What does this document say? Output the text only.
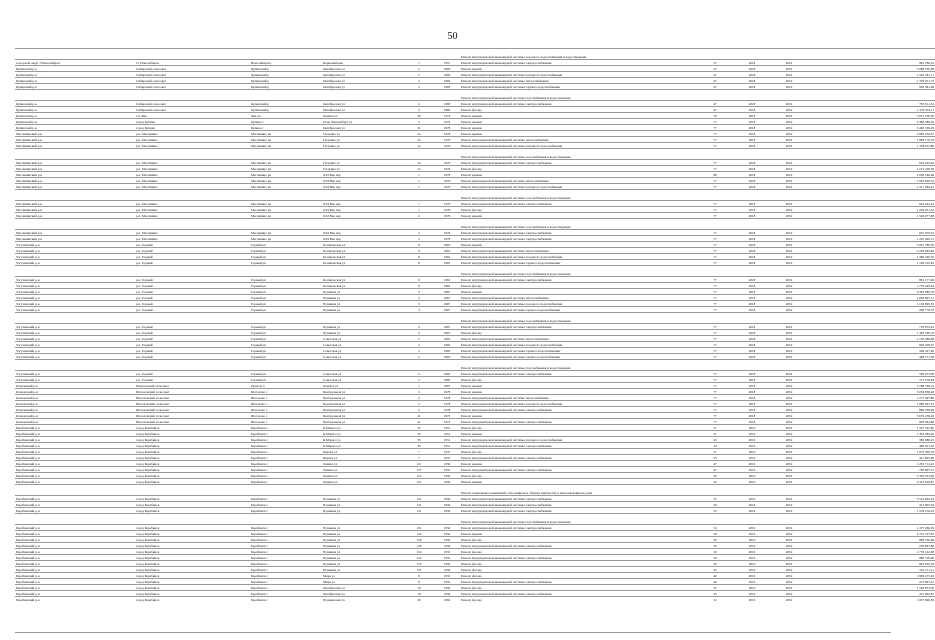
50
						Ремонт внутридомовой инженерной системы холодного водоснабжения и водоотведения					
городской округ г.Новосибирск	г.г. Новосибирск	Новосибирск г	Первомайская	7	1957	Ремонт внутридомовой инженерной системы электроснабжения		57	2018	2019	981 786,52
Купинский р-н	Сибирский сельсовет	Купинский р	Октябрьская ул	2	1983	Ремонт крыши		47	2018	2019	3 288 230,68
Купинский р-н	Сибирский сельсовет	Купинский р	Октябрьская ул	2	1983	Ремонт внутридомовой инженерной системы холодного водоснабжения		47	2018	2019	1 562 581,71
Купинский р-н	Сибирский сельсовет	Купинский р	Октябрьская ул	2	1983	Ремонт внутридомовой инженерной системы теплоснабжения		47	2018	2019	1 379 071,73
Купинский р-н	Сибирский сельсовет	Купинский р	Октябрьская ул	2	1983	Ремонт внутридомовой инженерной системы горячего водоснабжения		47	2018	2019	962 381,48
						Ремонт внутридомовой инженерной системы газоснабжения и водоотведения					
Купинский р-н	Сибирский сельсовет	Купинский р	Октябрьская ул	2	1983	Ремонт внутридомовой инженерной системы электроснабжения		47	2018	2019	785 611,52
Купинский р-н	Сибирский сельсовет	Купинский р	Октябрьская ул	2	1983	Ремонт фасада		47	2018	2019	1 370 433,11
Купинский р-н	г.п. Чик	Чик рп	Ленина ул	36	1974	Ремонт крыши		76	2018	2019	3 051 238,30
Купинский р-н	город Купино	Купино г	Розы Люксембург ул	3	1974	Ремонт крыши		77	2018	2019	3 486 589,56
Купинский р-н	город Купино	Купино г	Октябрьская ул	31	1978	Ремонт крыши		77	2018	2019	3 406 339,29
Маслянинский р-н	р.п. Маслянино	Маслянино рп	Гагарина ул	2а	1979	Ремонт крыши		77	2018	2019	2 682 230,47
Маслянинский р-н	р.п. Маслянино	Маслянино рп	Гагарина ул	2а	1979	Ремонт внутридомовой инженерной системы теплоснабжения		77	2018	2019	1 989 176,79
Маслянинский р-н	р.п. Маслянино	Маслянино рп	Гагарина ул	2а	1979	Ремонт внутридомовой инженерной системы холодного водоснабжения		77	2018	2019	1 338 053,80
						Ремонт внутридомовой инженерной системы газоснабжения и водоотведения					
Маслянинский р-н	р.п. Маслянино	Маслянино рп	Гагарина ул	2а	1979	Ремонт внутридомовой инженерной системы электроснабжения		77	2018	2019	624 203,02
Маслянинский р-н	р.п. Маслянино	Маслянино рп	Гагарина ул	2а	1979	Ремонт фасада		77	2018	2019	1 213 438,39
Маслянинский р-н	р.п. Маслянино	Маслянино рп	XXI Век пер	1	1979	Ремонт крыши		88	2018	2019	2 958 186,48
Маслянинский р-н	р.п. Маслянино	Маслянино рп	XXI Век пер	1	1979	Ремонт внутридомовой инженерной системы теплоснабжения		77	2018	2019	1 962 626,34
Маслянинский р-н	р.п. Маслянино	Маслянино рп	XXI Век пер	1	1979	Ремонт внутридомовой инженерной системы холодного водоснабжения		77	2018	2019	1 317 484,43
						Ремонт внутридомовой инженерной системы газоснабжения и водоотведения					
Маслянинский р-н	р.п. Маслянино	Маслянино рп	XXI Век пер	1	1979	Ремонт внутридомовой инженерной системы электроснабжения		77	2018	2019	624 444,19
Маслянинский р-н	р.п. Маслянино	Маслянино рп	XXI Век пер	1	1979	Ремонт фасада		77	2018	2019	1 204 931,32
Маслянинский р-н	р.п. Маслянино	Маслянино рп	XXI Век пер	2	1979	Ремонт крыши		77	2018	2019	1 526 077,08
						Ремонт внутридомовой инженерной системы газоснабжения и водоотведения					
Маслянинский р-н	р.п. Маслянино	Маслянино рп	XXI Век пер	2	1979	Ремонт внутридомовой инженерной системы электроснабжения		77	2018	2019	625 079,43
Маслянинский р-н	р.п. Маслянино	Маслянино рп	XXI Век пер	2	1979	Ремонт внутридомовой инженерной системы электроснабжения		77	2018	2019	1 205 469,72
Тогучинский р-н	р.п. Горный	Горный рп	Космическая ул	8	1981	Ремонт крыши		77	2018	2019	3 261 786,30
Тогучинский р-н	р.п. Горный	Горный рп	Космическая ул	8	1981	Ремонт внутридомовой инженерной системы теплоснабжения		77	2018	2019	2 259 665,82
Тогучинский р-н	р.п. Горный	Горный рп	Космическая ул	8	1981	Ремонт внутридомовой инженерной системы холодного водоснабжения		77	2018	2019	1 490 346,70
Тогучинский р-н	р.п. Горный	Горный рп	Космическая ул	8	1981	Ремонт внутридомовой инженерной системы горячего водоснабжения		77	2018	2019	1 169 102,83
						Ремонт внутридомовой инженерной системы газоснабжения и водоотведения					
Тогучинский р-н	р.п. Горный	Горный рп	Космическая ул	8	1981	Ремонт внутридомовой инженерной системы электроснабжения		77	2018	2019	881 177,66
Тогучинский р-н	р.п. Горный	Горный рп	Космическая ул	8	1981	Ремонт фасада		77	2018	2019	1 770 449,94
Тогучинский р-н	р.п. Горный	Горный рп	Пушкина ул	3	1967	Ремонт крыши		77	2018	2019	4 381 080,76
Тогучинский р-н	р.п. Горный	Горный рп	Пушкина ул	3	1967	Ремонт внутридомовой инженерной системы теплоснабжения		77	2018	2019	1 838 897,51
Тогучинский р-н	р.п. Горный	Горный рп	Пушкина ул	3	1967	Ремонт внутридомовой инженерной системы холодного водоснабжения		77	2018	2019	1 150 999,55
Тогучинский р-н	р.п. Горный	Горный рп	Пушкина ул	3	1967	Ремонт внутридомовой инженерной системы горячего водоснабжения		77	2018	2019	906 776,79
						Ремонт внутридомовой инженерной системы газоснабжения и водоотведения					
Тогучинский р-н	р.п. Горный	Горный рп	Пушкина ул	3	1967	Ремонт внутридомовой инженерной системы электроснабжения		77	2018	2019	718 872,81
Тогучинский р-н	р.п. Горный	Горный рп	Пушкина ул	3	1967	Ремонт фасада		77	2018	2019	1 463 339,79
Тогучинский р-н	р.п. Горный	Горный рп	Советская ул	2	1965	Ремонт внутридомовой инженерной системы теплоснабжения		77	2018	2019	1 150 288,68
Тогучинский р-н	р.п. Горный	Горный рп	Советская ул	2	1965	Ремонт внутридомовой инженерной системы холодного водоснабжения		77	2018	2019	939 228,07
Тогучинский р-н	р.п. Горный	Горный рп	Советская ул	2	1965	Ремонт внутридомовой инженерной системы горячего водоснабжения		77	2018	2019	569 327,90
Тогучинский р-н	р.п. Горный	Горный рп	Советская ул	2	1965	Ремонт внутридомовой инженерной системы горячего водоснабжения		77	2018	2019	468 271,58
						Ремонт внутридомовой инженерной системы газоснабжения и водоотведения					
Тогучинский р-н	р.п. Горный	Горный рп	Советская ул	2	1965	Ремонт внутридомовой инженерной системы электроснабжения		77	2018	2019	599 073,99
Тогучинский р-н	р.п. Горный	Горный рп	Советская ул	2	1965	Ремонт фасада		77	2018	2019	721 478,84
Кочковский р-н	Решетовский сельсовет	Решеты п	Кочки п ул	1	1967	Ремонт крыши		77	2018	2019	3 788 769,74
Кочковский р-н	Шагаловский сельсовет	Шагалово с	Центральная ул	3	1978	Ремонт крыши		77	2018	2019	3 036 858,26
Кочковский р-н	Шагаловский сельсовет	Шагалово с	Центральная ул	2	1978	Ремонт внутридомовой инженерной системы теплоснабжения		77	2018	2019	1 271 497,86
Кочковский р-н	Шагаловский сельсовет	Шагалово с	Центральная ул	2	1978	Ремонт внутридомовой инженерной системы холодного водоснабжения		77	2018	2019	1 080 943,53
Кочковский р-н	Шагаловский сельсовет	Шагалово с	Центральная ул	2	1978	Ремонт внутридомовой инженерной системы электроснабжения		77	2018	2019	889 799,09
Кочковский р-н	Шагаловский сельсовет	Шагалово с	Центральная ул	21	1972	Ремонт крыши		77	2018	2019	3 676 258,26
Кочковский р-н	Шагаловский сельсовет	Шагалово с	Центральная ул	21	1972	Ремонт внутридомовой инженерной системы электроснабжения		77	2018	2019	903 364,86
Барабинский р-н	город Барабинск	Барабинск г	К.Маркса ул	35	1951	Ремонт фасада		51	2019	2019	1 597 542,80
Барабинский р-н	город Барабинск	Барабинск г	К.Маркса ул	35	1951	Ремонт крыши		51	2019	2019	1 303 383,40
Барабинский р-н	город Барабинск	Барабинск г	К.Маркса ул	35	1951	Ремонт внутридомовой инженерной системы холодного водоснабжения		45	2019	2019	380 686,25
Барабинский р-н	город Барабинск	Барабинск г	К.Маркса ул	35	1951	Ремонт внутридомовой инженерной системы электроснабжения		43	2019	2019	486 201,50
Барабинский р-н	город Барабинск	Барабинск г	Кирова ул	7	1937	Ремонт фасада		51	2019	2019	1 072 306,79
Барабинский р-н	город Барабинск	Барабинск г	Кирова ул	7	1937	Ремонт внутридомовой инженерной системы электроснабжения		53	2019	2019	421 805,90
Барабинский р-н	город Барабинск	Барабинск г	Ленина ул	121	1950	Ремонт крыши		47	2019	2019	1 281 712,45
Барабинский р-н	город Барабинск	Барабинск г	Ленина ул	137	1955	Ремонт внутридомовой инженерной системы электроснабжения		47	2019	2019	783 807,51
Барабинский р-н	город Барабинск	Барабинск г	Ленина ул	121	1950	Ремонт фасада		50	2019	2019	2 330 433,66
Барабинский р-н	город Барабинск	Барабинск г	Ленина ул	121	1950	Ремонт крыши		50	2019	2019	2 352 816,87
						Ремонт подвальных помещений, относящихся к общему имуществу в многоквартирном доме					
Барабинский р-н	город Барабинск	Барабинск г	Пушкина ул	131	1950	Ремонт внутридомовой инженерной системы электроснабжения		55	2019	2019	3 519 604,54
Барабинский р-н	город Барабинск	Барабинск г	Пушкина ул	131	1950	Ремонт внутридомовой инженерной системы электроснабжения		50	2019	2019	413 605,04
Барабинский р-н	город Барабинск	Барабинск г	Пушкина ул	131	1950	Ремонт внутридомовой инженерной системы электроснабжения		55	2019	2019	1 578 156,03
						Ремонт внутридомовой инженерной системы газоснабжения и водоотведения					
Барабинский р-н	город Барабинск	Барабинск г	Пушкина ул	131	1950	Ремонт внутридомовой инженерной системы электроснабжения		54	2019	2019	1 475 266,39
Барабинский р-н	город Барабинск	Барабинск г	Пушкина ул	132	1950	Ремонт крыши		50	2019	2019	2 701 707,81
Барабинский р-н	город Барабинск	Барабинск г	Пушкина ул	136	1956	Ремонт фасада		50	2019	2019	898 536,69
Барабинский р-н	город Барабинск	Барабинск г	Пушкина ул	139	1956	Ремонт внутридомовой инженерной системы электроснабжения		45	2019	2019	230 867,86
Барабинский р-н	город Барабинск	Барабинск г	Пушкина ул	152	1955	Ремонт фасада		50	2019	2019	1 776 142,98
Барабинский р-н	город Барабинск	Барабинск г	Пушкина ул	152	1955	Ремонт внутридомовой инженерной системы электроснабжения		50	2019	2019	980 516,96
Барабинский р-н	город Барабинск	Барабинск г	Пушкина ул	155	1956	Ремонт фасада		50	2019	2019	894 816,59
Барабинский р-н	город Барабинск	Барабинск г	Пушкина ул	131	1950	Ремонт фасада		45	2019	2019	241 711,41
Барабинский р-н	город Барабинск	Барабинск г	Мира ул	8	1955	Ремонт фасада		40	2019	2019	1 809 473,29
Барабинский р-н	город Барабинск	Барабинск г	Мира ул	8	1955	Ремонт внутридомовой инженерной системы электроснабжения		40	2019	2019	213 691,01
Барабинский р-н	город Барабинск	Барабинск г	Октябрьская ул	19	1956	Ремонт фасада		35	2019	2019	1 549 853,30
Барабинский р-н	город Барабинск	Барабинск г	Октябрьская ул	19	1956	Ремонт внутридомовой инженерной системы электроснабжения		45	2019	2019	475 662,87
Барабинский р-н	город Барабинск	Барабинск г	Пушкинская ул	29	1962	Ремонт фасада		52	2019	2019	1 097 996,85
